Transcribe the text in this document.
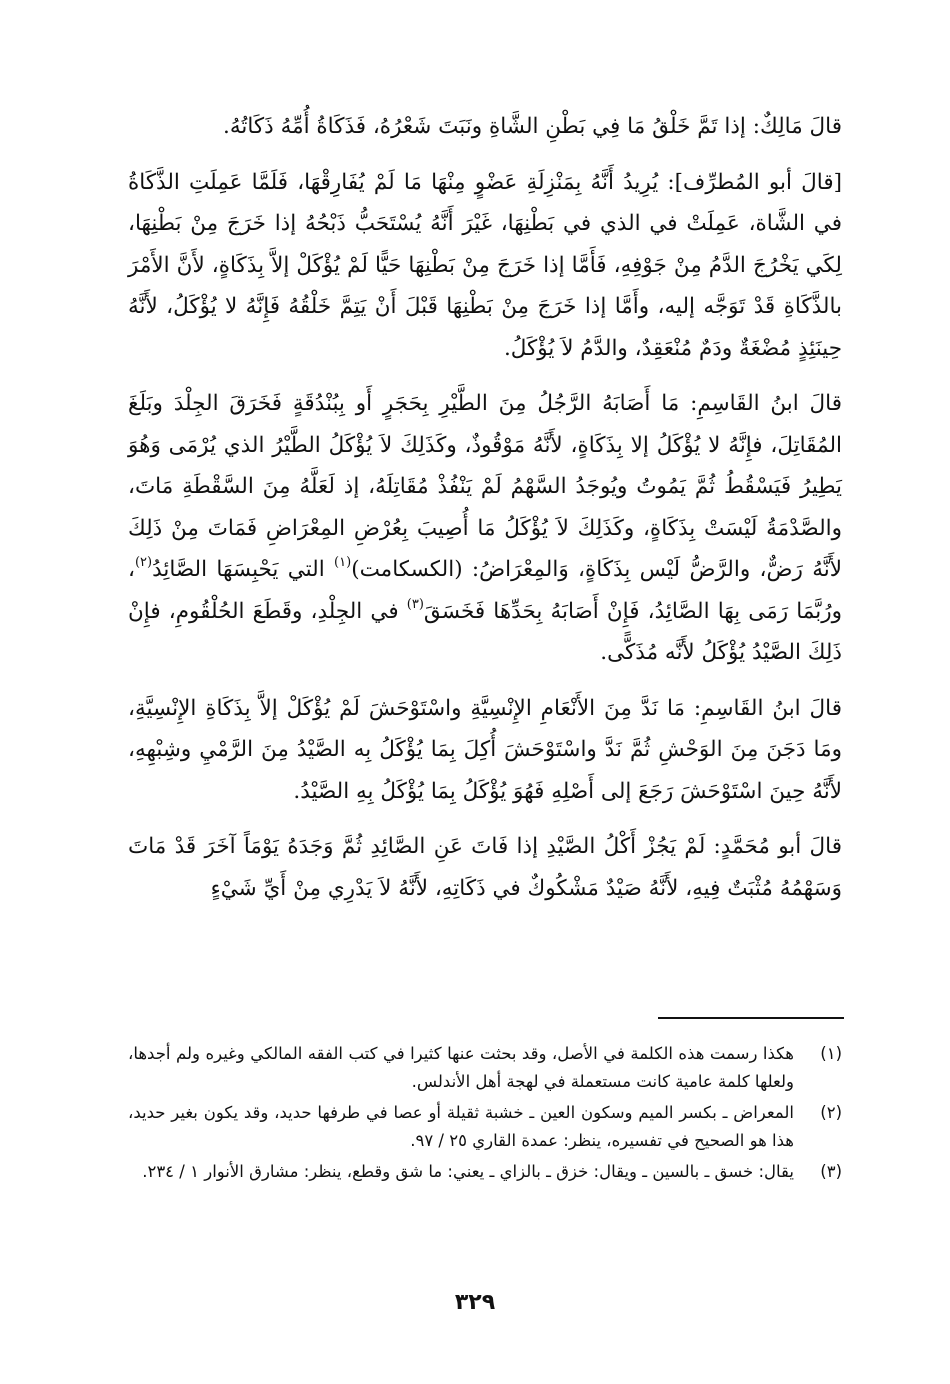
قالَ مَالِكٌ: إذا تَمَّ خَلْقُ مَا فِي بَطْنِ الشَّاةِ ونَبَتَ شَعْرُهُ، فَذَكَاةُ أُمِّهُ ذَكَاتُهُ.

[قالَ أبو المُطرِّف]: يُرِيدُ أَنَّهُ بِمَنْزِلَةِ عَضْوٍ مِنْهَا مَا لَمْ يُفَارِقْهَا، فَلَمَّا عَمِلَتِ الذَّكَاةُ في الشَّاة، عَمِلَتْ في الذي في بَطْنِهَا، غَيْرَ أَنَّهُ يُسْتَحَبُّ ذَبْحُهُ إذا خَرَجَ مِنْ بَطْنِهَا، لِكَي يَخْرُجَ الدَّمُ مِنْ جَوْفِهِ، فَأَمَّا إذا خَرَجَ مِنْ بَطْنِهَا حَيًّا لَمْ يُؤْكَلْ إلاَّ بِذَكَاةٍ، لأَنَّ الأَمْرَ بالذَّكَاةِ قَدْ تَوَجَّه إليه، وأَمَّا إذا خَرَجَ مِنْ بَطْنِهَا قَبْلَ أَنْ يَتِمَّ خَلْقُهُ فَإِنَّهُ لا يُؤْكَلُ، لأَنَّهُ حِينَئِذٍ مُضْغَةٌ ودَمٌ مُنْعَقِدٌ، والدَّمُ لاَ يُؤْكَلُ.

قالَ ابنُ القَاسِمِ: مَا أَصَابَهُ الرَّجُلُ مِنَ الطَّيْرِ بِحَجَرٍ أَو بِبُنْدُقَةٍ فَخَرَقَ الجِلْدَ وبَلَغَ المُقَاتِلَ، فإِنَّهُ لا يُؤْكَلُ إلا بِذَكَاةٍ، لأَنَّهُ مَوْقُوذٌ، وكَذَلِكَ لاَ يُؤْكَلُ الطَّيْرُ الذي يُرْمَى وَهُوَ يَطِيرُ فَيَسْقُطُ ثُمَّ يَمُوتُ ويُوجَدُ السَّهْمُ لَمْ يَنْفُذْ مُقَاتِلَهُ، إذ لَعَلَّهُ مِنَ السَّقْطَةِ مَاتَ، والصَّدْمَةُ لَيْسَتْ بِذَكَاةٍ، وكَذَلِكَ لاَ يُؤْكَلُ مَا أُصِيبَ بِعُرْضِ المِعْرَاضِ فَمَاتَ مِنْ ذَلِكَ لأَنَّهُ رَضٌّ، والرَّضُّ لَيْس بِذَكَاةٍ، وَالمِعْرَاضُ: (الكسكامت)$^{(١)}$ التي يَحْبِسَهَا الصَّائِدُ$^{(٢)}$، ورُبَّمَا رَمَى بِهَا الصَّائِدُ، فَإِنْ أَصَابَهُ بِحَدِّهَا فَخَسَقَ$^{(٣)}$ في الجِلْدِ، وقَطَعَ الحُلْقُومِ، فإِنْ ذَلِكَ الصَّيْدُ يُؤْكَلُ لأَنَّه مُذَكًّى.

قالَ ابنُ القَاسِمِ: مَا نَدَّ مِنَ الأَنْعَامِ الإِنْسِيَّةِ واسْتَوْحَشَ لَمْ يُؤْكَلْ إلاَّ بِذَكَاةِ الإِنْسِيَّةِ، ومَا دَجَنَ مِنَ الوَحْشِ ثُمَّ نَدَّ واسْتَوْحَشَ أُكِلَ بِمَا يُؤْكَلُ بِه الصَّيْدُ مِنَ الرَّمْيِ وشِبْهِهِ، لأَنَّهُ حِينَ اسْتَوْحَشَ رَجَعَ إلى أَصْلِهِ فَهُوَ يُؤْكَلُ بِمَا يُؤْكَلُ بِهِ الصَّيْدُ.

قالَ أبو مُحَمَّدٍ: لَمْ يَجُزْ أَكْلُ الصَّيْدِ إذا فَاتَ عَنِ الصَّائِدِ ثُمَّ وَجَدَهُ يَوْمَاً آخَرَ قَدْ مَاتَ وَسَهْمُهُ مُثْبَتٌ فِيهِ، لأَنَّهُ صَيْدٌ مَشْكُوكٌ في ذَكَاتِهِ، لأَنَّهُ لاَ يَدْرِي مِنْ أَيِّ شَيْءٍ

(١)
هكذا رسمت هذه الكلمة في الأصل، وقد بحثت عنها كثيرا في كتب الفقه المالكي وغيره ولم أجدها، ولعلها كلمة عامية كانت مستعملة في لهجة أهل الأندلس.
(٢)
المعراض ـ بكسر الميم وسكون العين ـ خشبة ثقيلة أو عصا في طرفها حديد، وقد يكون بغير حديد، هذا هو الصحيح في تفسيره، ينظر: عمدة القاري ٢٥ / ٩٧.
(٣)
يقال: خسق ـ بالسين ـ ويقال: خزق ـ بالزاي ـ يعني: ما شق وقطع، ينظر: مشارق الأنوار ١ / ٢٣٤.
٣٢٩
